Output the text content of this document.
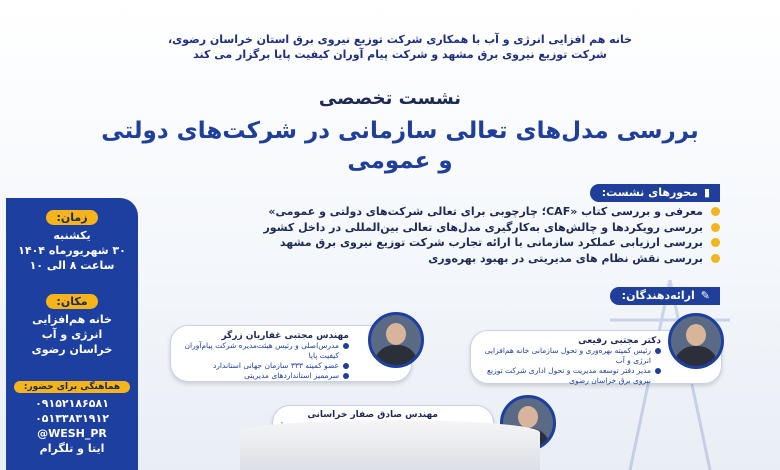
خانه هم افزایی انرژی و آب با همکاری شرکت توزیع نیروی برق استان خراسان رضوی،
شرکت توزیع نیروی برق مشهد و شرکت پیام آوران کیفیت پایا برگزار می کند
نشست تخصصی
بررسی مدل‌های تعالی سازمانی در شرکت‌های دولتی
و عمومی
▮
محورهای نشست:
معرفی و بررسی کتاب «CAF؛ چارچوبی برای تعالی شرکت‌های دولتی و عمومی»
بررسی رویکردها و چالش‌های به‌کارگیری مدل‌های تعالی بین‌المللی در داخل کشور
بررسی ارزیابی عملکرد سازمانی با ارائه تجارب شرکت توزیع نیروی برق مشهد
بررسی نقش نظام های مدیریتی در بهبود بهره‌وری
✎
ارائه‌دهندگان:
زمان:
یکشنبه
۳۰ شهریورماه ۱۴۰۴
ساعت ۸ الی ۱۰
مکان:
خانه هم‌افزایی
انرژی و آب
خراسان رضوی
هماهنگی برای حضور:
۰۹۱۵۲۱۸۶۵۸۱
۰۵۱۳۳۸۳۱۹۱۲
@WESH_PR
ایتا و تلگرام
دکتر مجتبی رفیعی
رئیس کمیته بهره‌وری و تحول سازمانی خانه هم‌افزایی انرژی و آب
مدیر دفتر توسعه مدیریت و تحول اداری شرکت توزیع نیروی برق خراسان رضوی
مهندس مجتبی غفاریان زرگر
مدرس‌اصلی و رئیس هیئت‌مدیره شرکت پیام‌آوران کیفیت پایا
عضو کمیته ۳۳۳ سازمان جهانی استاندارد
سرممیز استانداردهای مدیریتی
مهندس صادق صفار خراسانی
